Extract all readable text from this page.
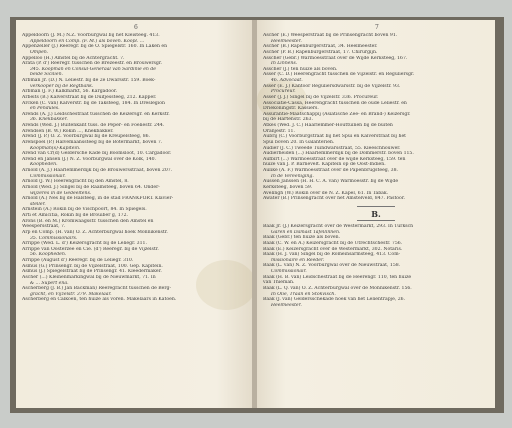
6
Appeldoorn (J. M.) N.Z. Voorburgwal bij het Kleisteeg. 413.
Appeldoorn en Comp. (F. M.) als boven. Koopl. ...
Appenzeller (J.) Reeregr. bij de O. Spiegelstr. 160. In Laken en
Ompen.
Appelloo (H.) Amstel bij de Achtergracht. 7.
Arata (P. d') Reeregr. tusschen de Brezeestr. en Brouwersgr.
345. Koopman en Consul-Generaal van Sardinië en de
beide Siciliën.
Arbman Jr. (D.) N. Leliestr. bij de 2e Dwarsstr. 159. Boek-
verkooper bij de Regtbank.
Arbman (J. F.) Kalkmarkt, 56. Kargadoor.
Arbeits (B.) Kalverstraat bij de Duifjessteeg, 212. Kapper.
Arcken (C. van) Kalverstr. bij de Taksteeg, 184. In Dreslegion
en Pendules.
Arends (A. J.) Leidschestraat tusschen de Keizersgr. en Kerkstr.
36. Knekbakker.
Arends (Wed. J.) Buitenkant tuss. de Peper- en Foeliestr. 244.
Arendsen (B. W.) Rokin ..., Knekbakker.
Arend (J. P.) O. Z. Voorburgwal bij de Kreupelsteeg, 86.
Arenspoel (P.) Halvemaanssteeg bij de Botermarkt, boven 7.
Koopman(s)-Kapitein.
Arend van Cr(d) Geldersche Kade bij Boomsloot, 10. Cargadoor.
Arend en Jansen (J.) N. Z. Voorburgwal over de Kolk, 140.
Koopheden.
Arnold (A. J.) Haarlemmerdijk bij de Brouwersstraat, boven 207.
Commissionair.
Arnold (J. W.) Heerengracht bij den Amstel, 8.
Arnold (Wed. J.) Singel bij de Raamsteeg, boven 64. Onder-
wijzeres in de Gedeeltens.
Arnold (A.) Nes bij de Halsteeg, in de stad FRANKFORT. Klavier-
steller.
Arnstein (A.) Rokin bij de Vischpoort, 84. In Spiegels.
Arti et Amicitia, Rokin bij de Brouiber g, 172.
Arons (B. en M.) Kromwaagsstr. tusschen den Amstel en
Weespersstraat, 7.
Arp en Comp. (H. van) O. Z. Achterburgwal hoek Monnikenstr.
35. Commissionairs.
Arrippe (Wed. L. d') Keizersgracht bij de Leliegr. 311.
Arrippe van Oosterzee en Cie. (d') Reeregr. bij de Vijzelstr.
56. Koopheden.
Arrippe (August d') Reeregr. bij de Leliegr. 310.
Asmus (G.) Prinsengr. bij de Vijzelstraat, 100. Gep. Kapitein.
Asmus (J.) Spiegelstraat bij de Prinsengr. 41. Kleedermaker.
Ascher (...) Kleinenmarkingwal bij de Nieuwmarkt, 71. In
& ... Supert ena.
Ascherberg (J. B.) Jan Backman) Reeregracht tusschen de Berg-
gracht, en Vijzelstr. 379. Makelaar.
Ascherberg en Calkoen, ten huize als voren. Makelaars in Katoen.
7
Ascher (E.) Weesperstraat bij de Prinsengracht boven 91.
Heelmeester.
Ascher (B.) Rapenburgerstraat, 34. Heelmeester.
Ascher (P. B.) Rapenburgerstraat, 17. Chirurgijn.
Asscher (Gebr.) Warmoesstraat over de Wijde Kerksteeg, 167.
In Linnens.
Asscher (J.) ten huize als boven.
Asser (C. D.) Heerengracht tusschen de Vijzelstr. en Reguliersgr.
46. Advocaat.
Asser (E. J.) Kantoor Reguliersdwarsstr. bij de Vijzelstr. 93.
Procureur.
Asser (J. J.) Singel bij de Vijzelstr. 336. Procureur.
Associatie-Cassa, Heerengracht tusschen de oude Leliestr. en
Driekoningstr. Kassiers.
Assurantie-Maatschappij (Asiatische Zee- en Brand-) Keizersgr.
bij de Hartenstr. 263.
Atkes (Wed. J. C.) Haarlemmer-Houttuinen bij de buiten
Oranjestr. 11.
Aubrij (C.) Voorburgstraat bij het Spui en Kalverstraat bij het
Spui boven 20. In Galanterien.
Audier (J. C.) Tweede Tuindwarsstraat, 55. Kleeschhouwer.
Audierheiden (...) Haarlemmerdijk bij de Dommerstr. boven 115.
Aufbirt (...) Warmoesstraat over de wijde Kerksteeg, 159. ten
huize van J. P. Barnevelt. Kapitein op de Oost-Indiën.
Aulike (A. F.) Warmoesstraat over de Papenbrugsteeg, 38.
In de Vereeniging.
Aussen Janssen (H. H. C. A. van) Warmoesstr. bij de Wijde
Kerksteeg, boven 59.
Avelingh (W.) Rokin over de N. Z. Kapel, 61. In Tabak.
Awater (B.) Prinsengracht over het Amstelveld, 847. Pastoor.
B.
Baak Jr. (J.) Keizersgracht over de Westermarkt, 293. In Turksch
Garen en Damast Tafellinnen.
Baak (Gebr.) ten huize als boven.
Baak (C. W. en A.) Keizersgracht bij de Utrechtschestr. 756.
Baak (E.) Keizersgracht over de Westermarkt, 302. Notaris.
Baak (H. J. van) Singel bij de Romeinsarmsteeg, 413. Com-
missionaire en Reeder.
Baak (L. van) N. Z. Voorburgwal over de Nieuwstraat, 158.
Commissionair.
Baak (H. B. van) Leidschestraat bij de Heerengr. 110, ten huize
van Thieman.
Baak (L. Q. van) O. Z. Achterburgwal over de Monnikenstr. 156.
In Olie, Traan en Stokvisch.
Baak (J. van) Geldersschekade hoek van het Lelientrapje, 26.
Heelmeester.
